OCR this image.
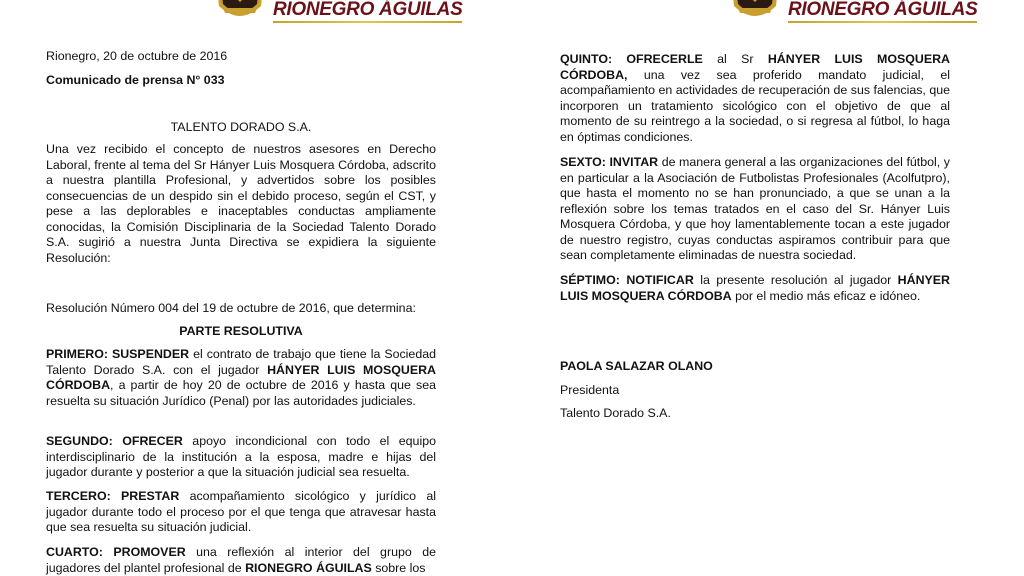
RIONEGRO ÁGUILAS

Rionegro, 20 de octubre de 2016

Comunicado de prensa N° 033

TALENTO DORADO S.A.

Una vez recibido el concepto de nuestros asesores en Derecho Laboral, frente al tema del Sr Hányer Luis Mosquera Córdoba, adscrito a nuestra plantilla Profesional, y advertidos sobre los posibles consecuencias de un despido sin el debido proceso, según el CST, y pese a las deplorables e inaceptables conductas ampliamente conocidas, la Comisión Disciplinaria de la Sociedad Talento Dorado S.A. sugirió a nuestra Junta Directiva se expidiera la siguiente Resolución:

Resolución Número 004 del 19 de octubre de 2016, que determina:

PARTE RESOLUTIVA

PRIMERO: SUSPENDER el contrato de trabajo que tiene la Sociedad Talento Dorado S.A. con el jugador HÁNYER LUIS MOSQUERA CÓRDOBA, a partir de hoy 20 de octubre de 2016 y hasta que sea resuelta su situación Jurídico (Penal) por las autoridades judiciales.

SEGUNDO: OFRECER apoyo incondicional con todo el equipo interdisciplinario de la institución a la esposa, madre e hijas del jugador durante y posterior a que la situación judicial sea resuelta.

TERCERO: PRESTAR acompañamiento sicológico y jurídico al jugador durante todo el proceso por el que tenga que atravesar hasta que sea resuelta su situación judicial.

CUARTO: PROMOVER una reflexión al interior del grupo de jugadores del plantel profesional de RIONEGRO ÁGUILAS sobre los

RIONEGRO ÁGUILAS

QUINTO: OFRECERLE al Sr HÁNYER LUIS MOSQUERA CÓRDOBA, una vez sea proferido mandato judicial, el acompañamiento en actividades de recuperación de sus falencias, que incorporen un tratamiento sicológico con el objetivo de que al momento de su reintrego a la sociedad, o si regresa al fútbol, lo haga en óptimas condiciones.

SEXTO: INVITAR de manera general a las organizaciones del fútbol, y en particular a la Asociación de Futbolistas Profesionales (Acolfutpro), que hasta el momento no se han pronunciado, a que se unan a la reflexión sobre los temas tratados en el caso del Sr. Hányer Luis Mosquera Córdoba, y que hoy lamentablemente tocan a este jugador de nuestro registro, cuyas conductas aspiramos contribuir para que sean completamente eliminadas de nuestra sociedad.

SÉPTIMO: NOTIFICAR la presente resolución al jugador HÁNYER LUIS MOSQUERA CÓRDOBA por el medio más eficaz e idóneo.

PAOLA SALAZAR OLANO

Presidenta

Talento Dorado S.A.
